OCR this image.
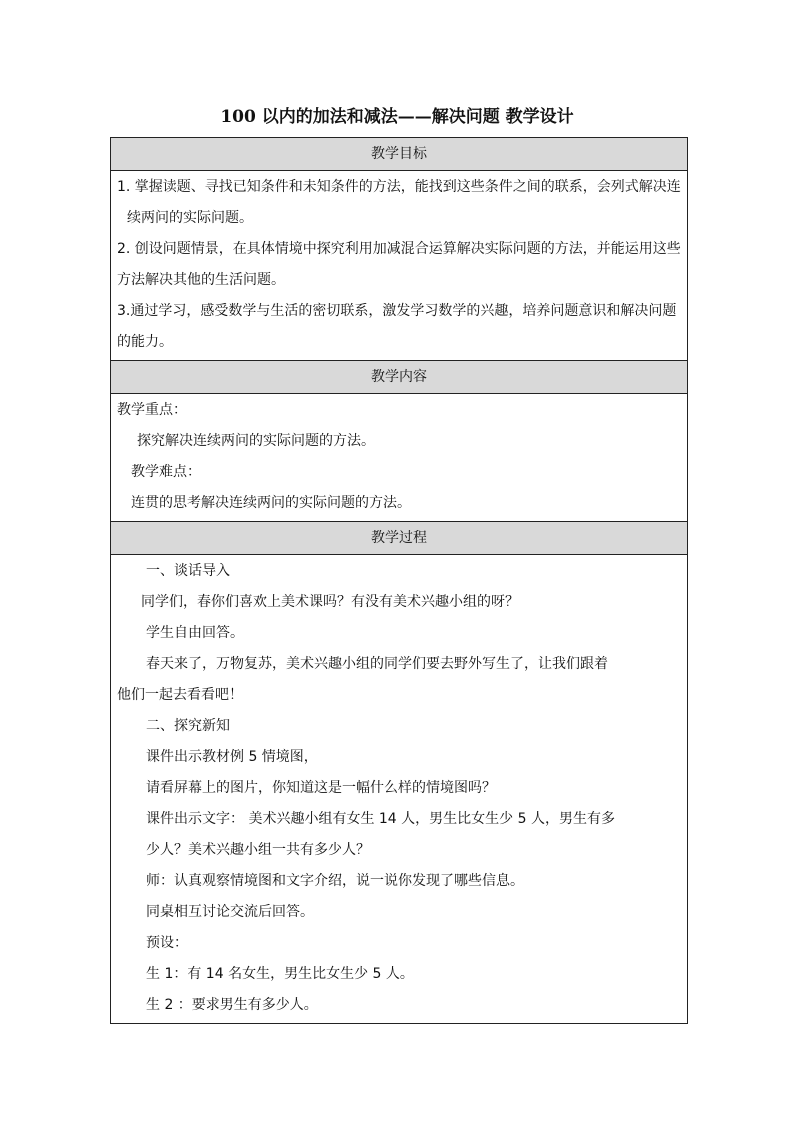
100 以内的加法和减法——解决问题 教学设计
教学目标
1. 掌握读题、寻找已知条件和未知条件的方法，能找到这些条件之间的联系，会列式解决连
续两问的实际问题。
2. 创设问题情景，在具体情境中探究利用加减混合运算解决实际问题的方法，并能运用这些
方法解决其他的生活问题。
3.通过学习，感受数学与生活的密切联系，激发学习数学的兴趣，培养问题意识和解决问题
的能力。
教学内容
教学重点：
探究解决连续两问的实际问题的方法。
教学难点：
连贯的思考解决连续两问的实际问题的方法。
教学过程
一、谈话导入
同学们，春你们喜欢上美术课吗？有没有美术兴趣小组的呀？
学生自由回答。
春天来了，万物复苏，美术兴趣小组的同学们要去野外写生了，让我们跟着
他们一起去看看吧！
二、探究新知
课件出示教材例 5 情境图，
请看屏幕上的图片，你知道这是一幅什么样的情境图吗？
课件出示文字： 美术兴趣小组有女生 14 人，男生比女生少 5 人，男生有多
少人？美术兴趣小组一共有多少人？
师：认真观察情境图和文字介绍，说一说你发现了哪些信息。
同桌相互讨论交流后回答。
预设：
生 1：有 14 名女生，男生比女生少 5 人。
生 2 ：要求男生有多少人。
